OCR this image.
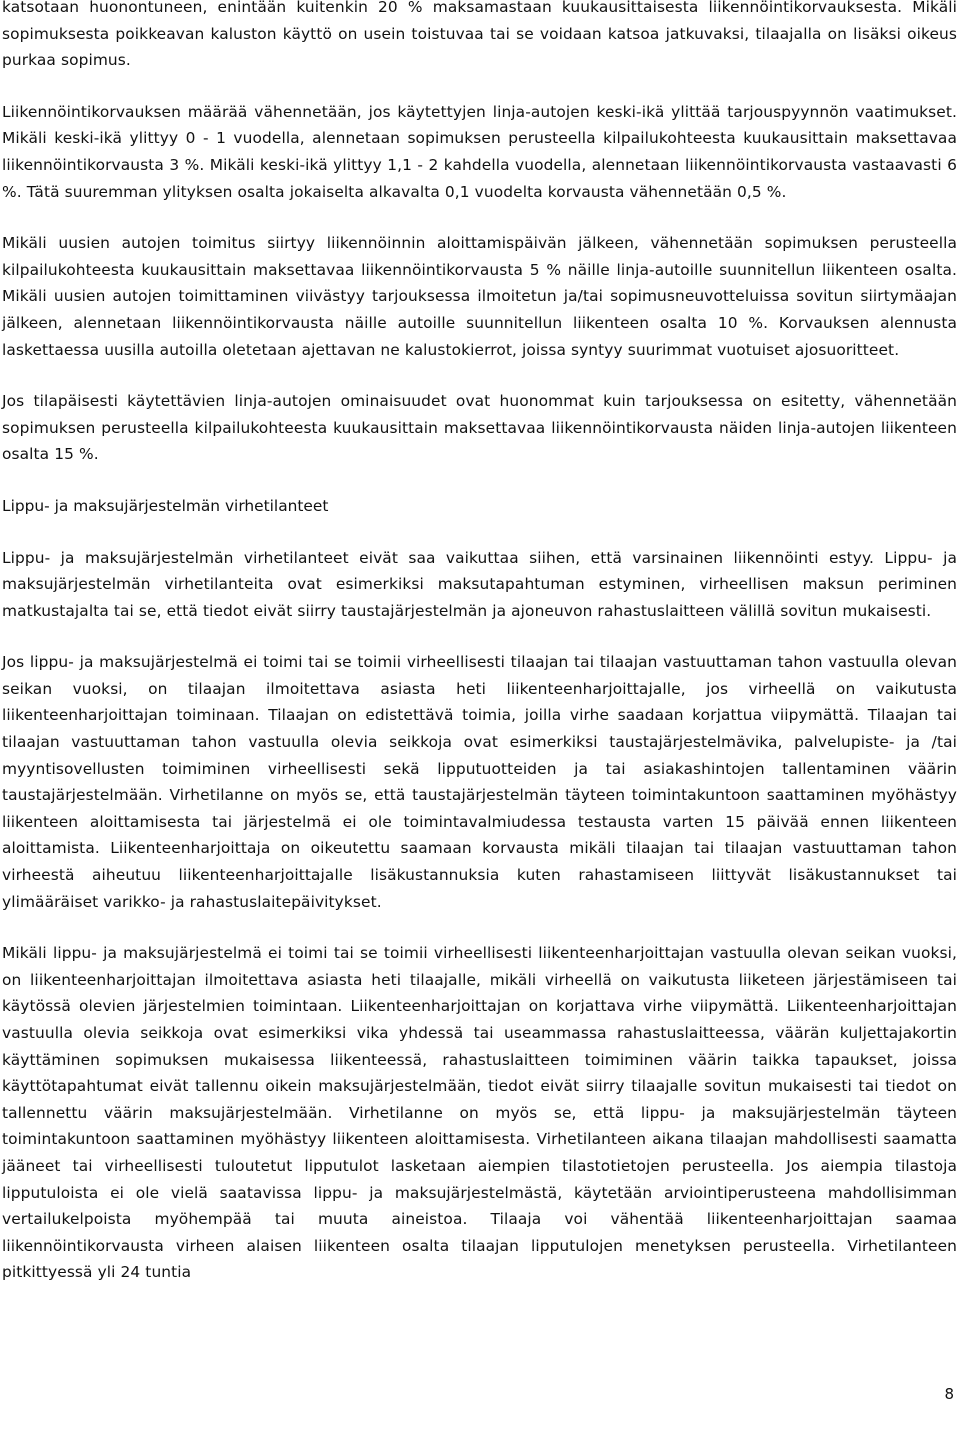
katsotaan huonontuneen, enintään kuitenkin 20 % maksamastaan kuukausittaisesta liikennöintikorvauksesta. Mikäli sopimuksesta poikkeavan kaluston käyttö on usein toistuvaa tai se voidaan katsoa jatkuvaksi, tilaajalla on lisäksi oikeus purkaa sopimus.

Liikennöintikorvauksen määrää vähennetään, jos käytettyjen linja-autojen keski-ikä ylittää tarjouspyynnön vaatimukset. Mikäli keski-ikä ylittyy 0 - 1 vuodella, alennetaan sopimuksen perusteella kilpailukohteesta kuukausittain maksettavaa liikennöintikorvausta 3 %. Mikäli keski-ikä ylittyy 1,1 - 2 kahdella vuodella, alennetaan liikennöintikorvausta vastaavasti 6 %. Tätä suuremman ylityksen osalta jokaiselta alkavalta 0,1 vuodelta korvausta vähennetään 0,5 %.

Mikäli uusien autojen toimitus siirtyy liikennöinnin aloittamispäivän jälkeen, vähennetään sopimuksen perusteella kilpailukohteesta kuukausittain maksettavaa liikennöintikorvausta 5 % näille linja-autoille suunnitellun liikenteen osalta. Mikäli uusien autojen toimittaminen viivästyy tarjouksessa ilmoitetun ja/tai sopimusneuvotteluissa sovitun siirtymäajan jälkeen, alennetaan liikennöintikorvausta näille autoille suunnitellun liikenteen osalta 10 %. Korvauksen alennusta laskettaessa uusilla autoilla oletetaan ajettavan ne kalustokierrot, joissa syntyy suurimmat vuotuiset ajosuoritteet.

Jos tilapäisesti käytettävien linja-autojen ominaisuudet ovat huonommat kuin tarjouksessa on esitetty, vähennetään sopimuksen perusteella kilpailukohteesta kuukausittain maksettavaa liikennöintikorvausta näiden linja-autojen liikenteen osalta 15 %.

Lippu- ja maksujärjestelmän virhetilanteet

Lippu- ja maksujärjestelmän virhetilanteet eivät saa vaikuttaa siihen, että varsinainen liikennöinti estyy. Lippu- ja maksujärjestelmän virhetilanteita ovat esimerkiksi maksutapahtuman estyminen, virheellisen maksun periminen matkustajalta tai se, että tiedot eivät siirry taustajärjestelmän ja ajoneuvon rahastuslaitteen välillä sovitun mukaisesti.

Jos lippu- ja maksujärjestelmä ei toimi tai se toimii virheellisesti tilaajan tai tilaajan vastuuttaman tahon vastuulla olevan seikan vuoksi, on tilaajan ilmoitettava asiasta heti liikenteenharjoittajalle, jos virheellä on vaikutusta liikenteenharjoittajan toiminaan. Tilaajan on edistettävä toimia, joilla virhe saadaan korjattua viipymättä. Tilaajan tai tilaajan vastuuttaman tahon vastuulla olevia seikkoja ovat esimerkiksi taustajärjestelmävika, palvelupiste- ja /tai myyntisovellusten toimiminen virheellisesti sekä lipputuotteiden ja tai asiakashintojen tallentaminen väärin taustajärjestelmään. Virhetilanne on myös se, että taustajärjestelmän täyteen toimintakuntoon saattaminen myöhästyy liikenteen aloittamisesta tai järjestelmä ei ole toimintavalmiudessa testausta varten 15 päivää ennen liikenteen aloittamista. Liikenteenharjoittaja on oikeutettu saamaan korvausta mikäli tilaajan tai tilaajan vastuuttaman tahon virheestä aiheutuu liikenteenharjoittajalle lisäkustannuksia kuten rahastamiseen liittyvät lisäkustannukset tai ylimääräiset varikko- ja rahastuslaitepäivitykset.

Mikäli lippu- ja maksujärjestelmä ei toimi tai se toimii virheellisesti liikenteenharjoittajan vastuulla olevan seikan vuoksi, on liikenteenharjoittajan ilmoitettava asiasta heti tilaajalle, mikäli virheellä on vaikutusta liiketeen järjestämiseen tai käytössä olevien järjestelmien toimintaan. Liikenteenharjoittajan on korjattava virhe viipymättä. Liikenteenharjoittajan vastuulla olevia seikkoja ovat esimerkiksi vika yhdessä tai useammassa rahastuslaitteessa, väärän kuljettajakortin käyttäminen sopimuksen mukaisessa liikenteessä, rahastuslaitteen toimiminen väärin taikka tapaukset, joissa käyttötapahtumat eivät tallennu oikein maksujärjestelmään, tiedot eivät siirry tilaajalle sovitun mukaisesti tai tiedot on tallennettu väärin maksujärjestelmään. Virhetilanne on myös se, että lippu- ja maksujärjestelmän täyteen toimintakuntoon saattaminen myöhästyy liikenteen aloittamisesta. Virhetilanteen aikana tilaajan mahdollisesti saamatta jääneet tai virheellisesti tuloutetut lipputulot lasketaan aiempien tilastotietojen perusteella. Jos aiempia tilastoja lipputuloista ei ole vielä saatavissa lippu- ja maksujärjestelmästä, käytetään arviointiperusteena mahdollisimman vertailukelpoista myöhempää tai muuta aineistoa. Tilaaja voi vähentää liikenteenharjoittajan saamaa liikennöintikorvausta virheen alaisen liikenteen osalta tilaajan lipputulojen menetyksen perusteella. Virhetilanteen pitkittyessä yli 24 tuntia

8
